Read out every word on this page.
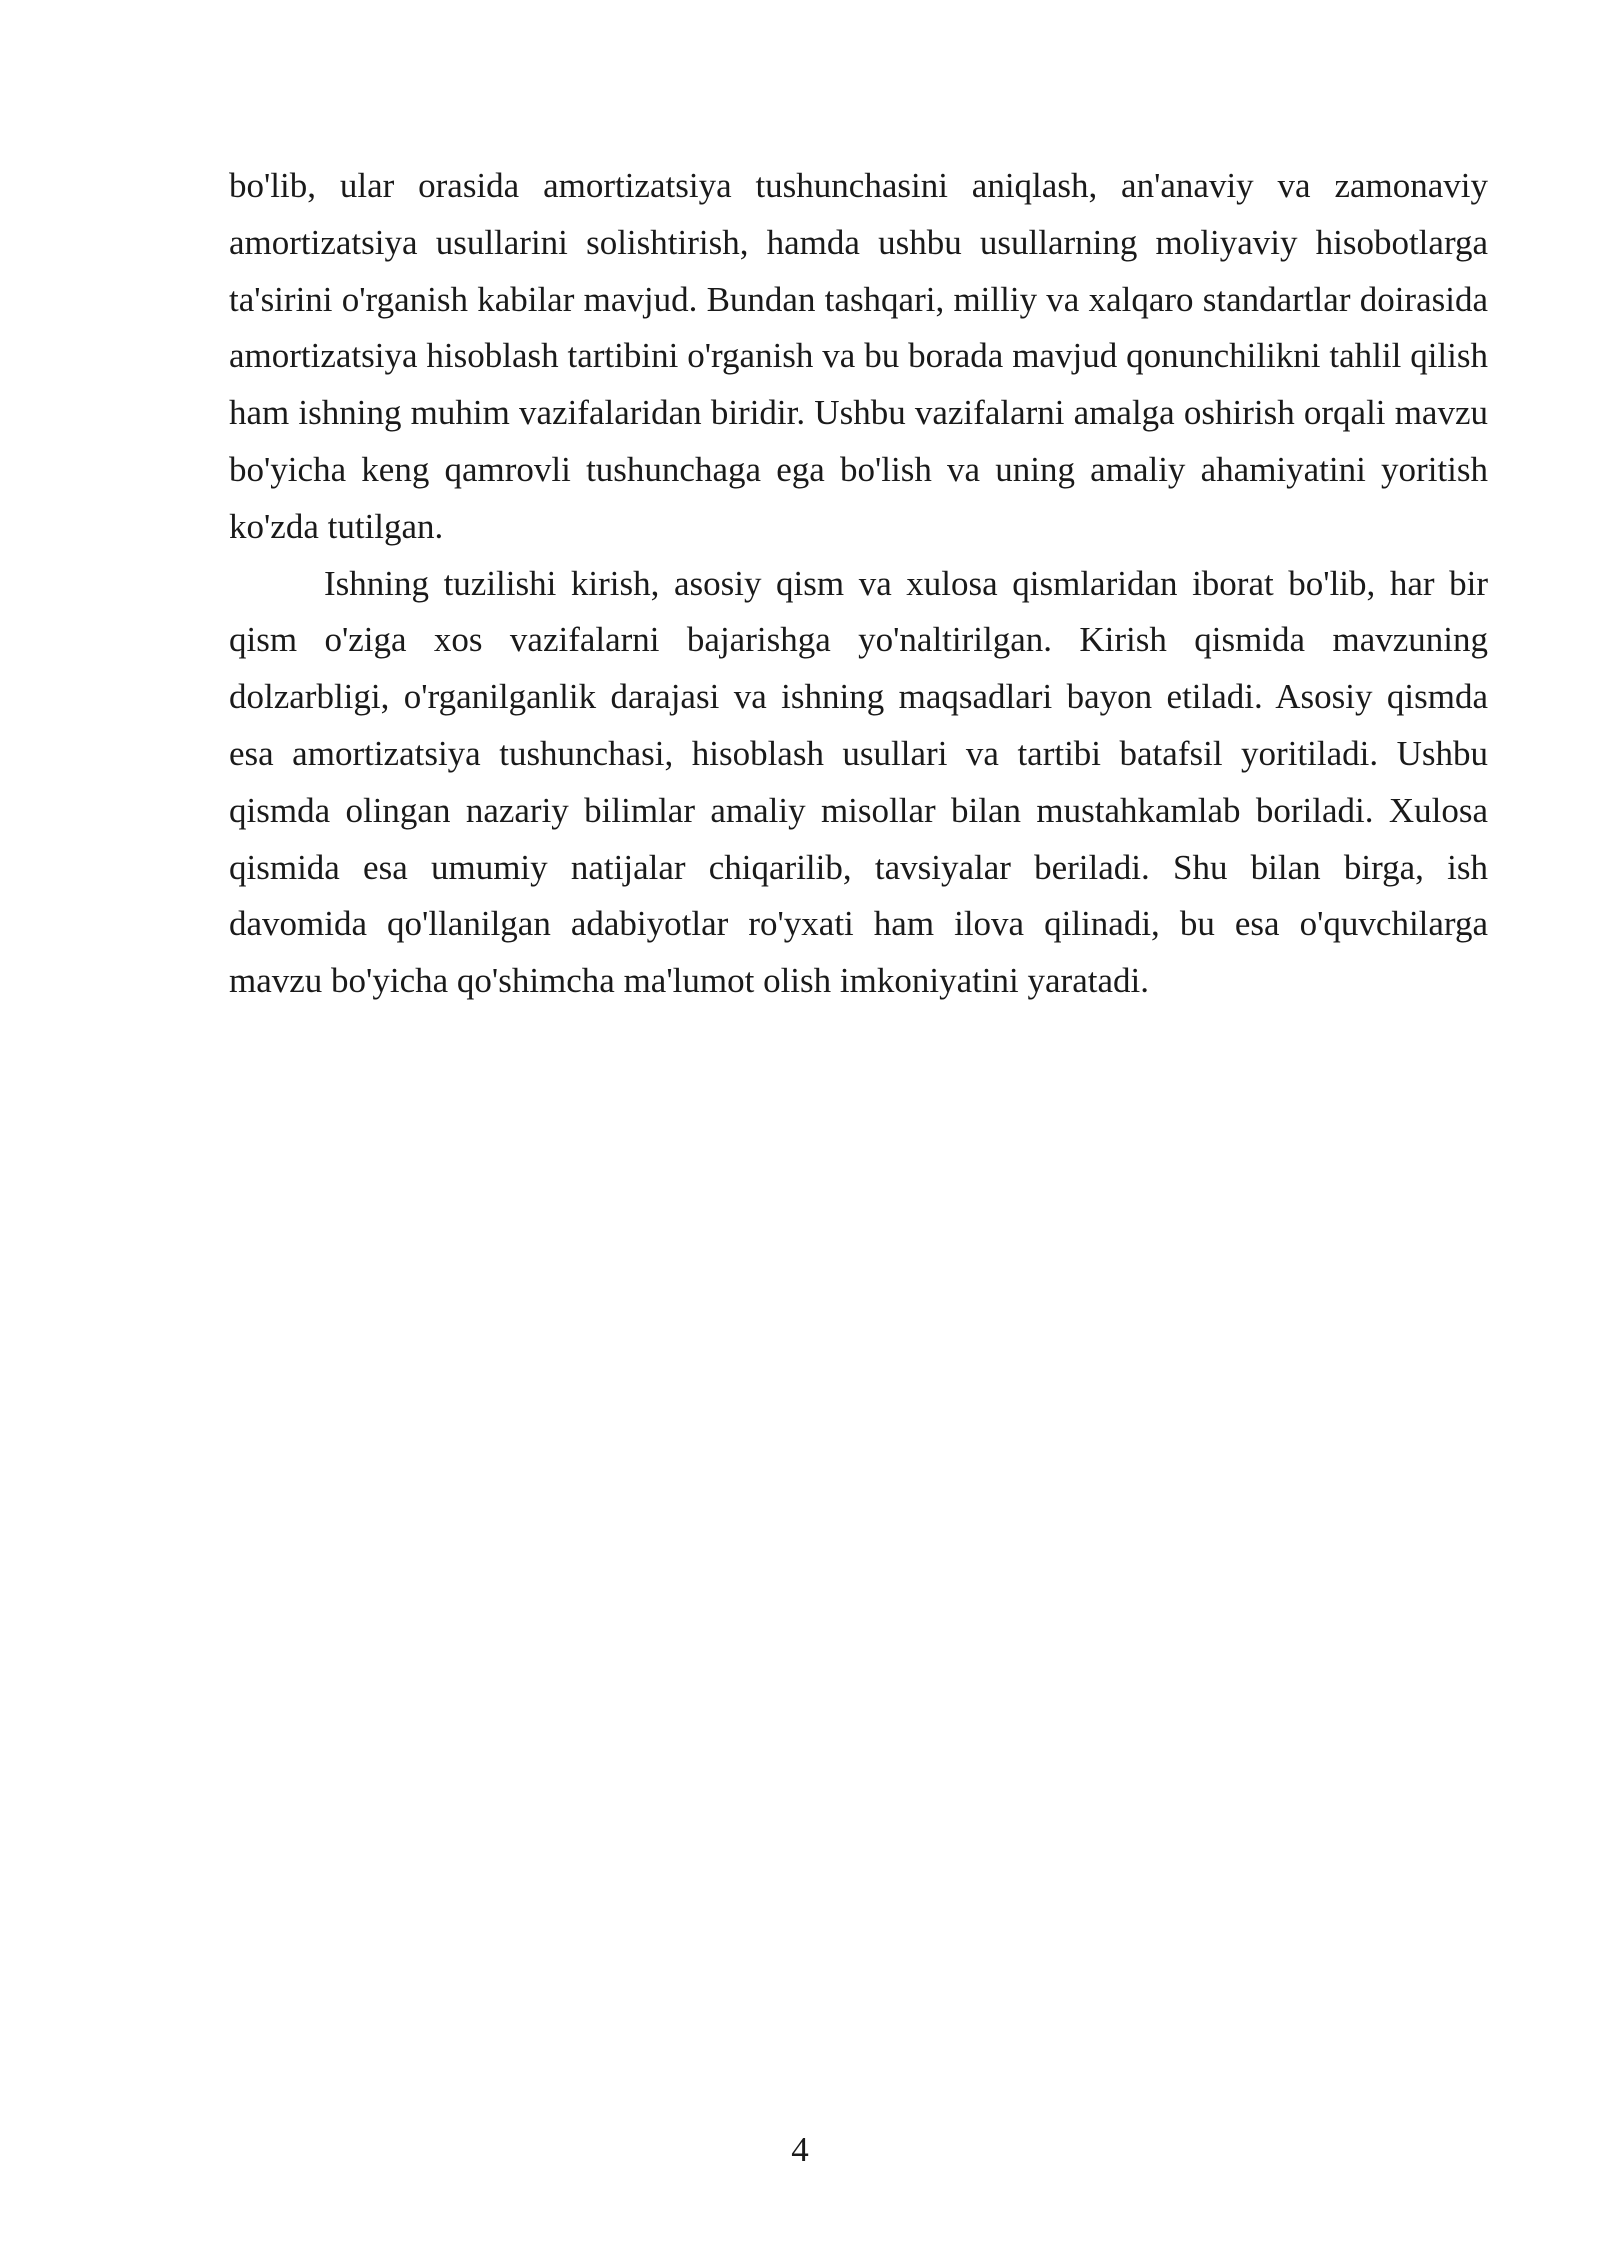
bo'lib, ular orasida amortizatsiya tushunchasini aniqlash, an'anaviy va zamonaviy amortizatsiya usullarini solishtirish, hamda ushbu usullarning moliyaviy hisobotlarga ta'sirini o'rganish kabilar mavjud. Bundan tashqari, milliy va xalqaro standartlar doirasida amortizatsiya hisoblash tartibini o'rganish va bu borada mavjud qonunchilikni tahlil qilish ham ishning muhim vazifalaridan biridir. Ushbu vazifalarni amalga oshirish orqali mavzu bo'yicha keng qamrovli tushunchaga ega bo'lish va uning amaliy ahamiyatini yoritish ko'zda tutilgan.

Ishning tuzilishi kirish, asosiy qism va xulosa qismlaridan iborat bo'lib, har bir qism o'ziga xos vazifalarni bajarishga yo'naltirilgan. Kirish qismida mavzuning dolzarbligi, o'rganilganlik darajasi va ishning maqsadlari bayon etiladi. Asosiy qismda esa amortizatsiya tushunchasi, hisoblash usullari va tartibi batafsil yoritiladi. Ushbu qismda olingan nazariy bilimlar amaliy misollar bilan mustahkamlab boriladi. Xulosa qismida esa umumiy natijalar chiqarilib, tavsiyalar beriladi. Shu bilan birga, ish davomida qo'llanilgan adabiyotlar ro'yxati ham ilova qilinadi, bu esa o'quvchilarga mavzu bo'yicha qo'shimcha ma'lumot olish imkoniyatini yaratadi.

4
